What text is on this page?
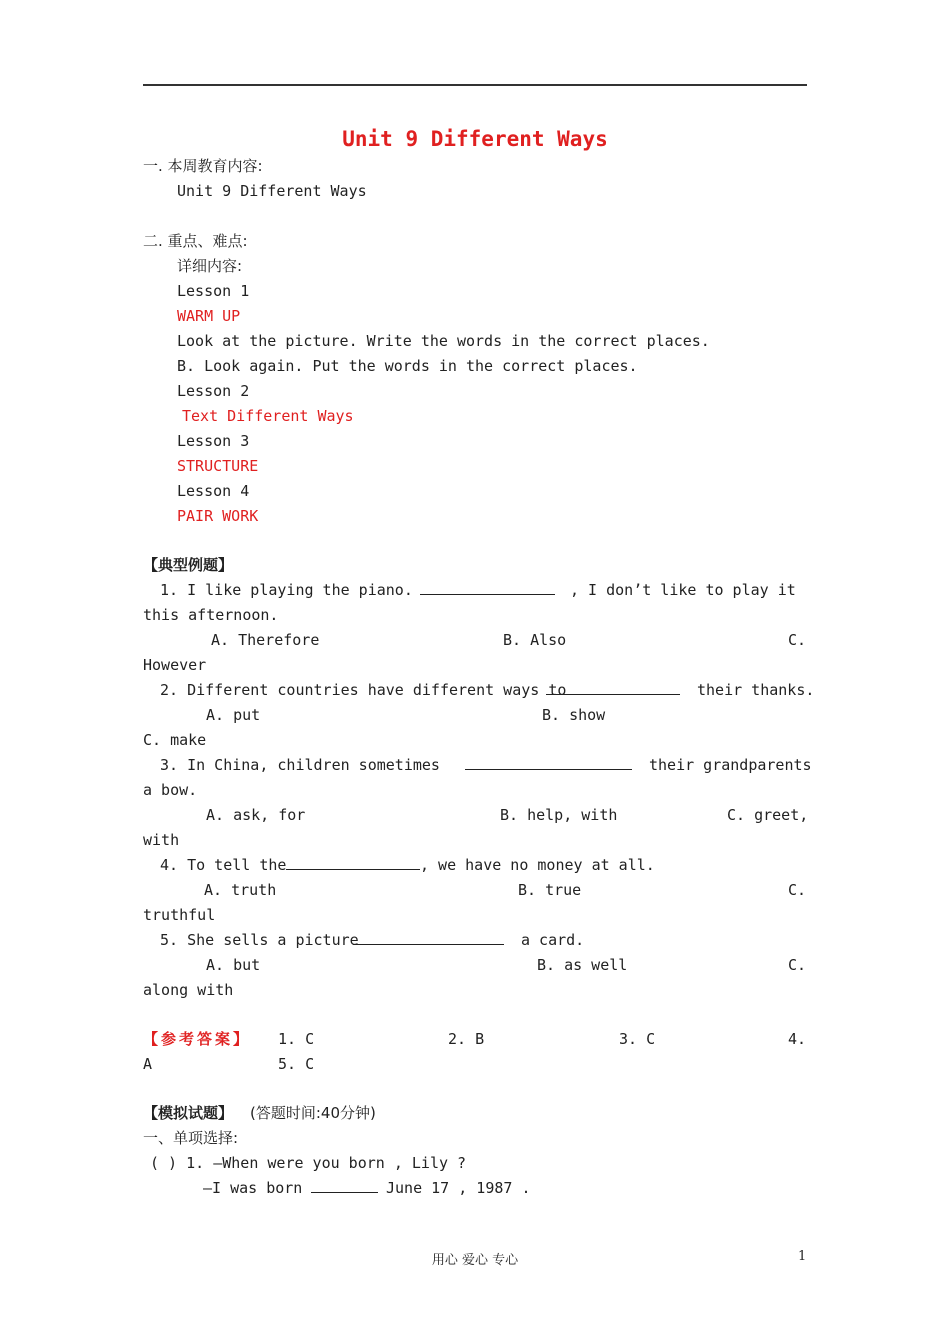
Unit 9 Different Ways
一. 本周教育内容:
Unit 9 Different Ways
二. 重点、难点:
详细内容:
Lesson 1
WARM UP
Look at the picture. Write the words in the correct places.
B. Look again. Put the words in the correct places.
Lesson 2
Text Different Ways
Lesson 3
STRUCTURE
Lesson 4
PAIR WORK
【典型例题】
1. I like playing the piano.	, I don’t like to play it
this afternoon.
A. Therefore	B. Also	C.
However
2. Different countries have different ways to	their thanks.
A. put	B. show
C. make
3. In China, children sometimes	their grandparents
a bow.
A. ask, for	B. help, with	C. greet,
with
4. To tell the	, we have no money at all.
A. truth	B. true	C.
truthful
5. She sells a picture	a card.
A. but	B. as well	C.
along with
【参考答案】 1. C	2. B	3. C	4.
A	5. C
【模拟试题】 (答题时间:40分钟)
一、单项选择:
( ) 1. —When were you born , Lily ?
—I was born	June 17 , 1987 .
用心 爱心 专心	1
